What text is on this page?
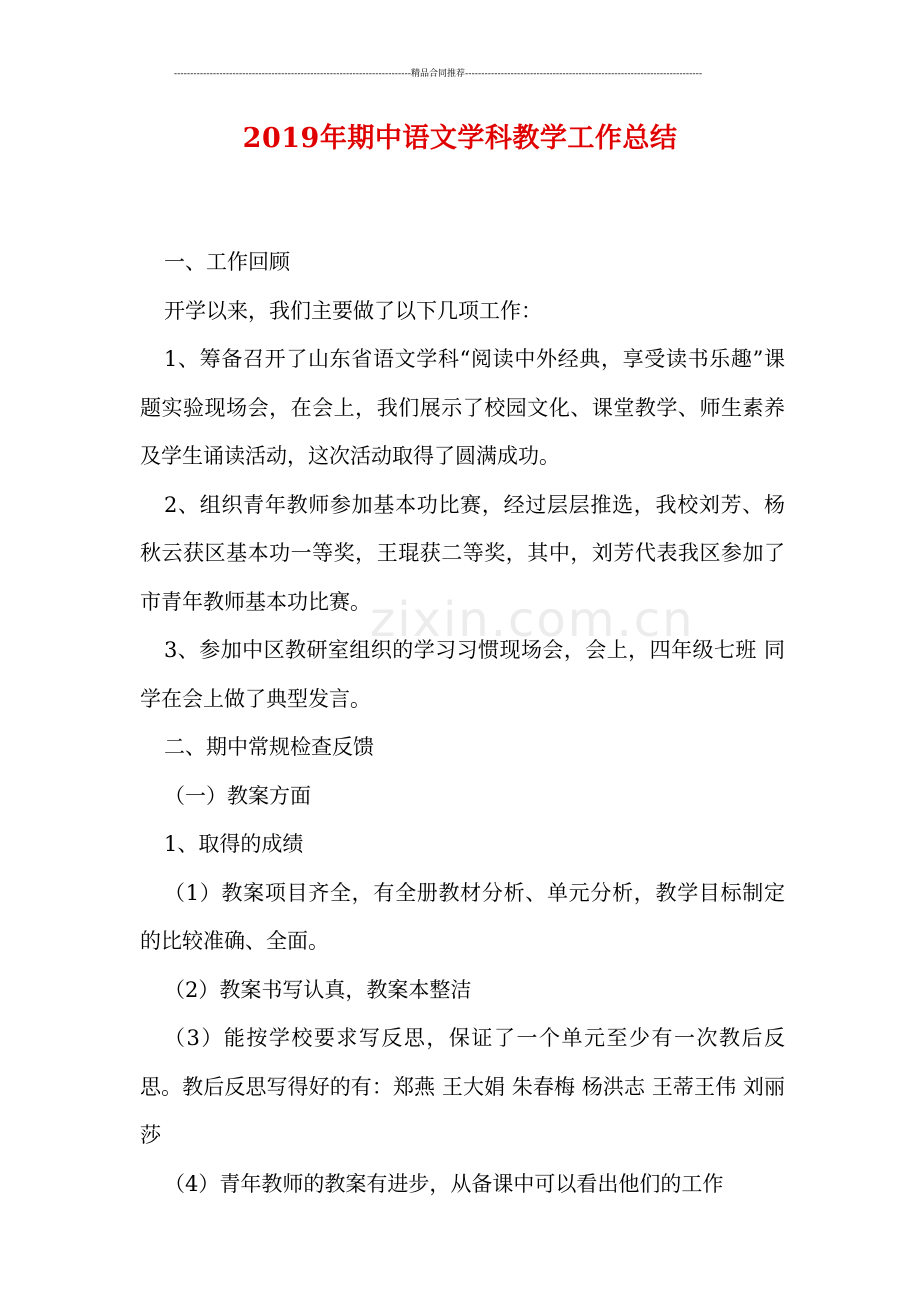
-------------------------------------------------------------------------精品合同推荐-------------------------------------------------------------------------
2019年期中语文学科教学工作总结
zixin.com.cn

一、工作回顾

开学以来，我们主要做了以下几项工作：

1、筹备召开了山东省语文学科“阅读中外经典，享受读书乐趣”课题实验现场会，在会上，我们展示了校园文化、课堂教学、师生素养及学生诵读活动，这次活动取得了圆满成功。

2、组织青年教师参加基本功比赛，经过层层推选，我校刘芳、杨秋云获区基本功一等奖，王琨获二等奖，其中，刘芳代表我区参加了市青年教师基本功比赛。

3、参加中区教研室组织的学习习惯现场会，会上，四年级七班 同学在会上做了典型发言。

二、期中常规检查反馈

（一）教案方面

1、取得的成绩

（1）教案项目齐全，有全册教材分析、单元分析，教学目标制定的比较准确、全面。

（2）教案书写认真，教案本整洁

（3）能按学校要求写反思，保证了一个单元至少有一次教后反思。教后反思写得好的有：郑燕 王大娟 朱春梅 杨洪志 王蒂王伟 刘丽莎

（4）青年教师的教案有进步，从备课中可以看出他们的工作
